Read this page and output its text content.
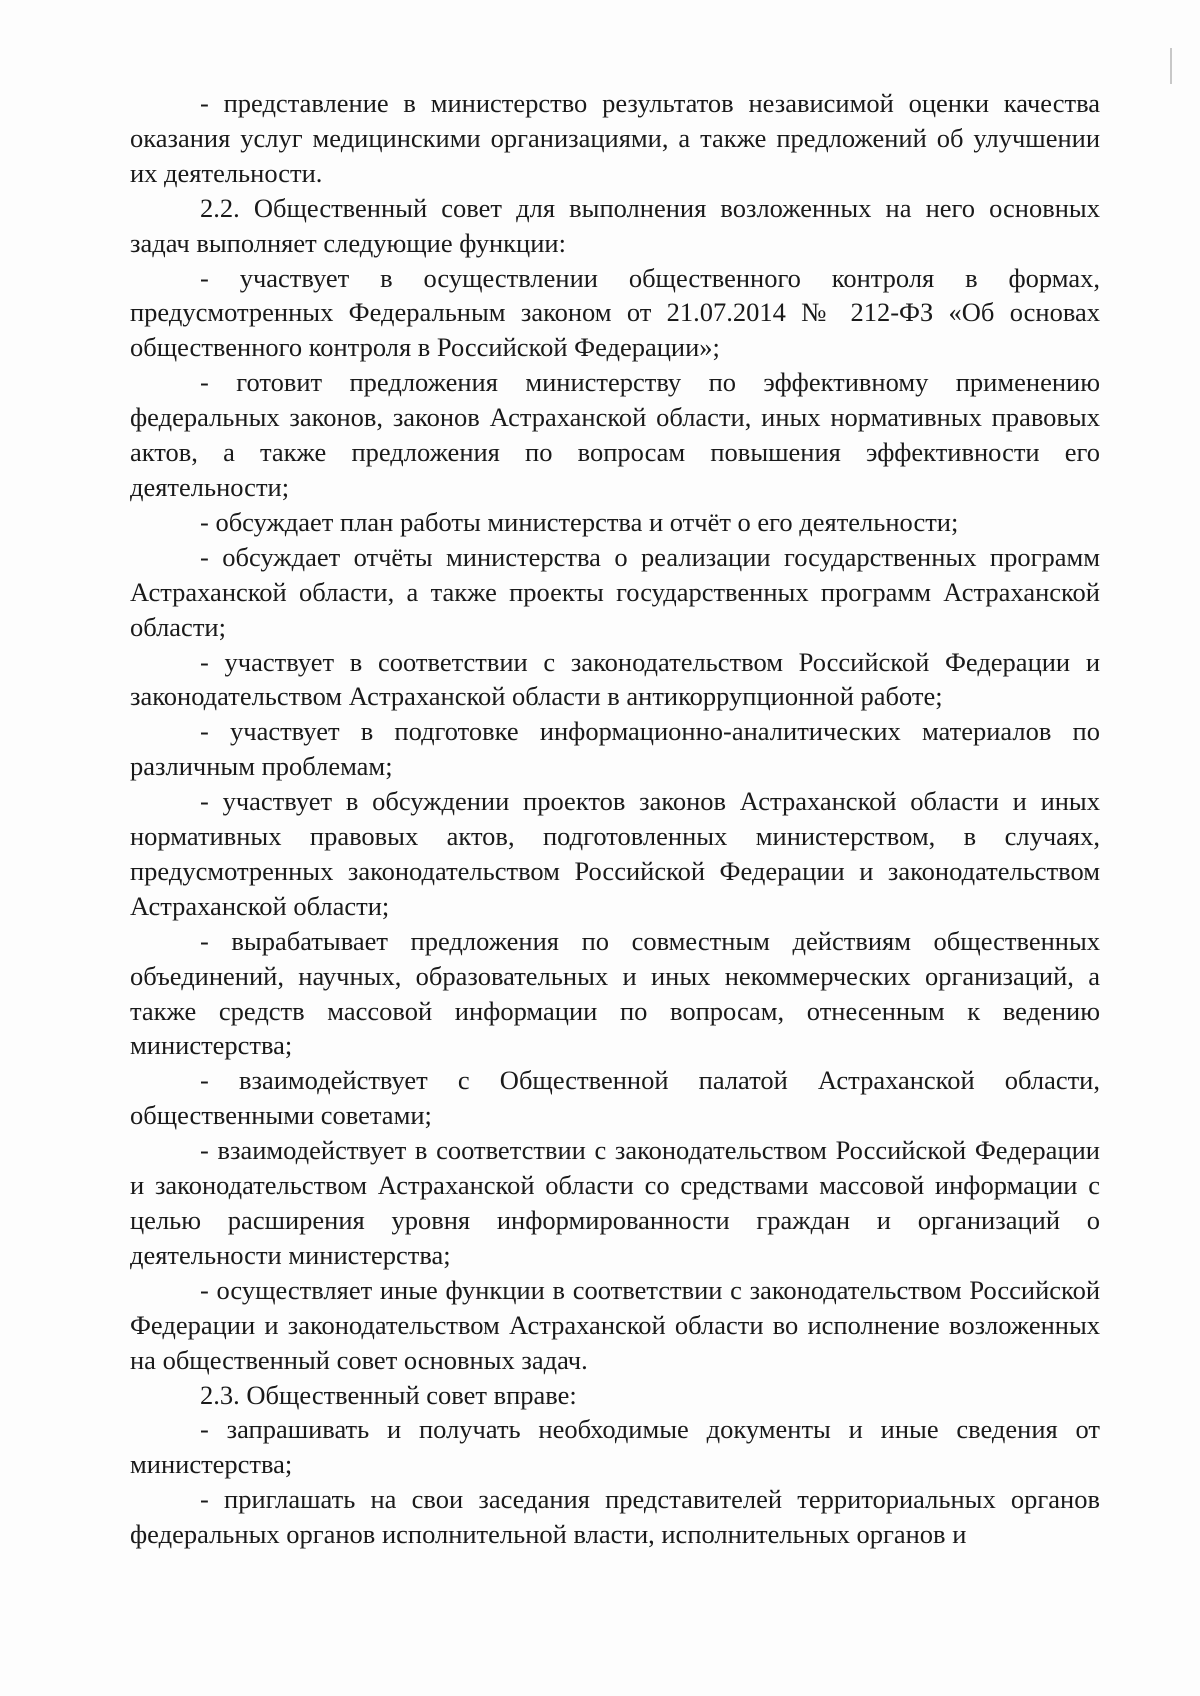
- представление в министерство результатов независимой оценки качества оказания услуг медицинскими организациями, а также предложений об улучшении их деятельности.

2.2. Общественный совет для выполнения возложенных на него основных задач выполняет следующие функции:

- участвует в осуществлении общественного контроля в формах, предусмотренных Федеральным законом от 21.07.2014 № 212-ФЗ «Об основах общественного контроля в Российской Федерации»;

- готовит предложения министерству по эффективному применению федеральных законов, законов Астраханской области, иных нормативных правовых актов, а также предложения по вопросам повышения эффективности его деятельности;

- обсуждает план работы министерства и отчёт о его деятельности;

- обсуждает отчёты министерства о реализации государственных программ Астраханской области, а также проекты государственных программ Астраханской области;

- участвует в соответствии с законодательством Российской Федерации и законодательством Астраханской области в антикоррупционной работе;

- участвует в подготовке информационно-аналитических материалов по различным проблемам;

- участвует в обсуждении проектов законов Астраханской области и иных нормативных правовых актов, подготовленных министерством, в случаях, предусмотренных законодательством Российской Федерации и законодательством Астраханской области;

- вырабатывает предложения по совместным действиям общественных объединений, научных, образовательных и иных некоммерческих организаций, а также средств массовой информации по вопросам, отнесенным к ведению министерства;

- взаимодействует с Общественной палатой Астраханской области, общественными советами;

- взаимодействует в соответствии с законодательством Российской Федерации и законодательством Астраханской области со средствами массовой информации с целью расширения уровня информированности граждан и организаций о деятельности министерства;

- осуществляет иные функции в соответствии с законодательством Российской Федерации и законодательством Астраханской области во исполнение возложенных на общественный совет основных задач.

2.3. Общественный совет вправе:

- запрашивать и получать необходимые документы и иные сведения от министерства;

- приглашать на свои заседания представителей территориальных органов федеральных органов исполнительной власти, исполнительных органов и
